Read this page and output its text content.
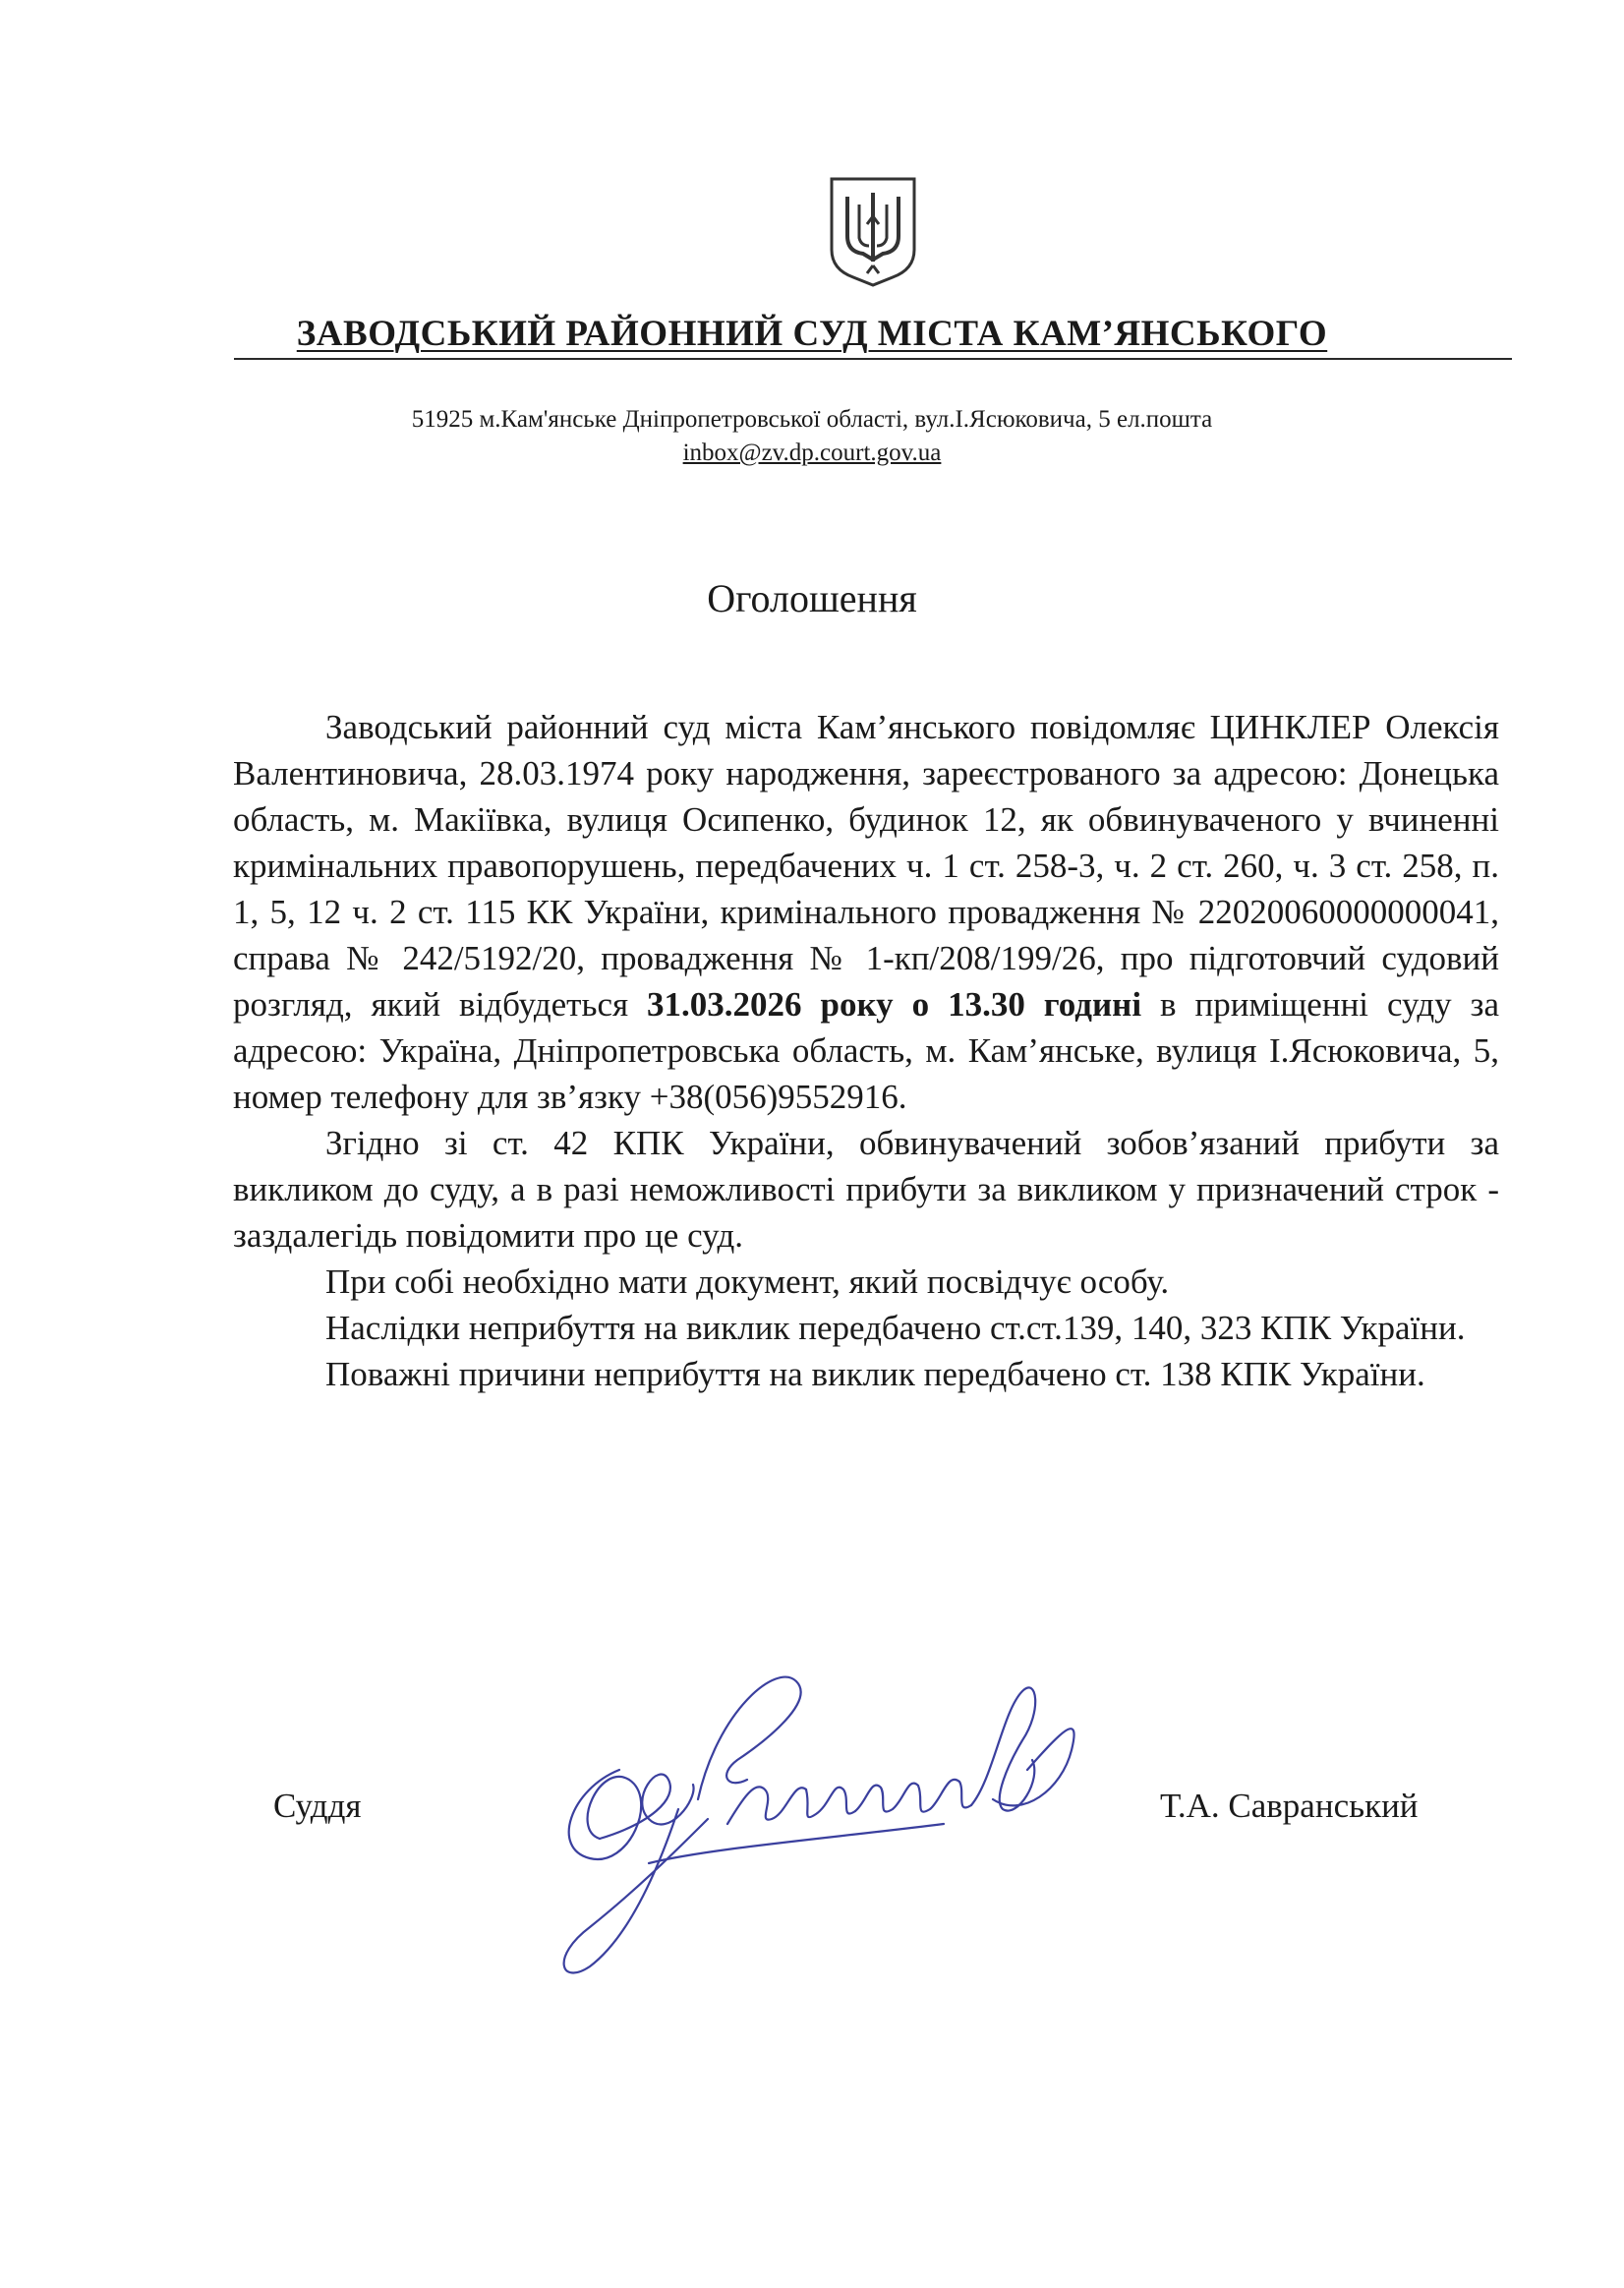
ЗАВОДСЬКИЙ РАЙОННИЙ СУД МІСТА КАМ’ЯНСЬКОГО
51925 м.Кам'янське Дніпропетровської області, вул.І.Ясюковича, 5 ел.пошта
inbox@zv.dp.court.gov.ua
Оголошення

Заводський районний суд міста Кам’янського повідомляє ЦИНКЛЕР Олексія Валентиновича, 28.03.1974 року народження, зареєстрованого за адресою: Донецька область, м. Макіївка, вулиця Осипенко, будинок 12, як обвинуваченого у вчиненні кримінальних правопорушень, передбачених ч. 1 ст. 258-3, ч. 2 ст. 260, ч. 3 ст. 258, п. 1, 5, 12 ч. 2 ст. 115 КК України, кримінального провадження № 22020060000000041, справа № 242/5192/20, провадження № 1-кп/208/199/26, про підготовчий судовий розгляд, який відбудеться 31.03.2026 року о 13.30 годині в приміщенні суду за адресою: Україна, Дніпропетровська область, м. Кам’янське, вулиця І.Ясюковича, 5, номер телефону для зв’язку +38(056)9552916.

Згідно зі ст. 42 КПК України, обвинувачений зобов’язаний прибути за викликом до суду, а в разі неможливості прибути за викликом у призначений строк - заздалегідь повідомити про це суд.

При собі необхідно мати документ, який посвідчує особу.

Наслідки неприбуття на виклик передбачено ст.ст.139, 140, 323 КПК України.

Поважні причини неприбуття на виклик передбачено ст. 138 КПК України.

Суддя	Т.А. Савранський
